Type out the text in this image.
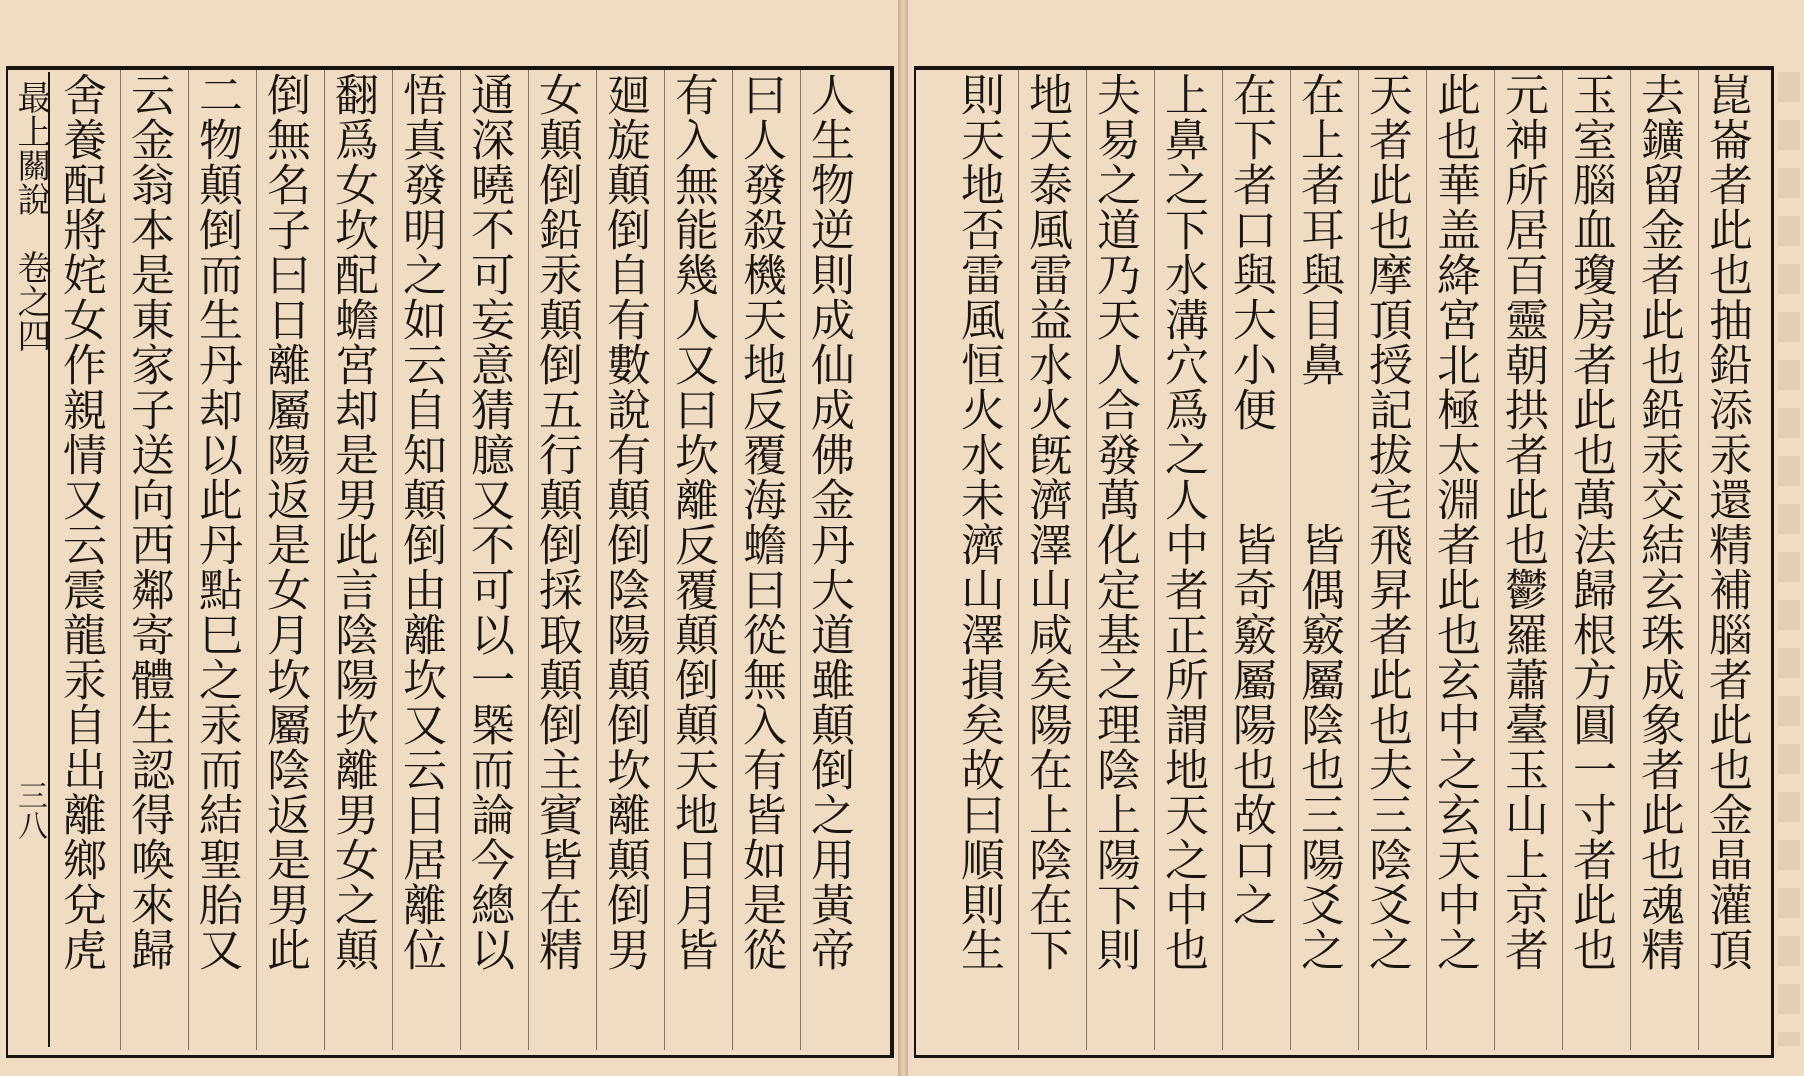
最上關說　卷之四
三八	人生物逆則成仙成佛金丹大道雖顛倒之用黃帝
曰人發殺機天地反覆海蟾曰從無入有皆如是從
有入無能幾人又曰坎離反覆顛倒顛天地日月皆
廻旋顛倒自有數說有顛倒陰陽顛倒坎離顛倒男
女顛倒鉛汞顛倒五行顛倒採取顛倒主賓皆在精
通深曉不可妄意猜臆又不可以一槩而論今總以
悟真發明之如云自知顛倒由離坎又云日居離位
翻爲女坎配蟾宮却是男此言陰陽坎離男女之顛
倒無名子曰日離屬陽返是女月坎屬陰返是男此
二物顛倒而生丹却以此丹點巳之汞而結聖胎又
云金翁本是東家子送向西鄰寄體生認得喚來歸
舍養配將姹女作親情又云震龍汞自出離鄉兌虎	崑崙者此也抽鉛添汞還精補腦者此也金晶灌頂
去鑛留金者此也鉛汞交結玄珠成象者此也魂精
玉室腦血瓊房者此也萬法歸根方圓一寸者此也
元神所居百靈朝拱者此也鬱羅蕭臺玉山上京者
此也華盖絳宮北極太淵者此也玄中之玄天中之
天者此也摩頂授記拔宅飛昇者此也夫三陰爻之
在上者耳與目鼻　　　皆偶竅屬陰也三陽爻之
在下者口與大小便　　皆奇竅屬陽也故口之
上鼻之下水溝穴爲之人中者正所謂地天之中也
夫易之道乃天人合發萬化定基之理陰上陽下則
地天泰風雷益水火旣濟澤山咸矣陽在上陰在下
則天地否雷風恒火水未濟山澤損矣故曰順則生
